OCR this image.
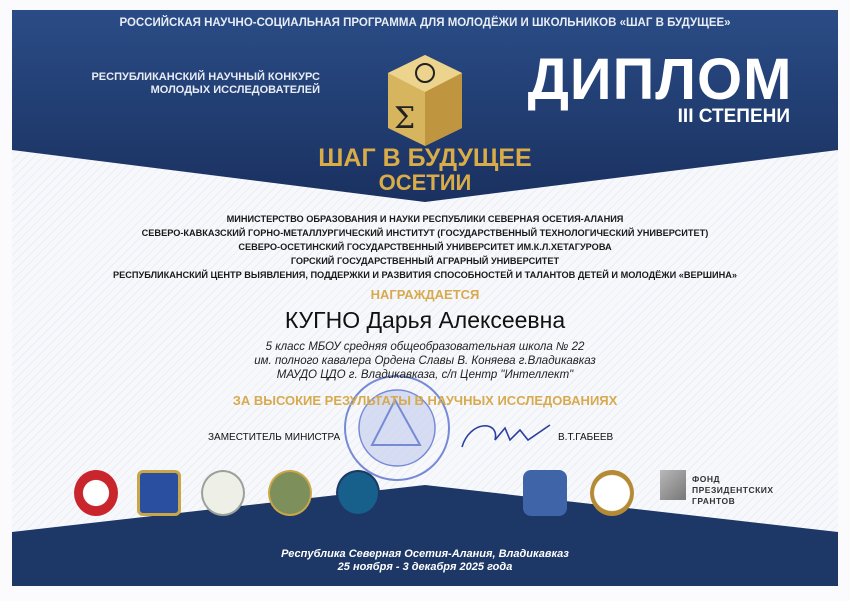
Σ
РОССИЙСКАЯ НАУЧНО-СОЦИАЛЬНАЯ ПРОГРАММА ДЛЯ МОЛОДЁЖИ И ШКОЛЬНИКОВ «ШАГ В БУДУЩЕЕ»
РЕСПУБЛИКАНСКИЙ НАУЧНЫЙ КОНКУРС
МОЛОДЫХ ИССЛЕДОВАТЕЛЕЙ	ДИПЛОМ
III СТЕПЕНИ
ШАГ В БУДУЩЕЕ
ОСЕТИИ
МИНИСТЕРСТВО ОБРАЗОВАНИЯ И НАУКИ РЕСПУБЛИКИ СЕВЕРНАЯ ОСЕТИЯ-АЛАНИЯ
СЕВЕРО-КАВКАЗСКИЙ ГОРНО-МЕТАЛЛУРГИЧЕСКИЙ ИНСТИТУТ (ГОСУДАРСТВЕННЫЙ ТЕХНОЛОГИЧЕСКИЙ УНИВЕРСИТЕТ)
СЕВЕРО-ОСЕТИНСКИЙ ГОСУДАРСТВЕННЫЙ УНИВЕРСИТЕТ ИМ.К.Л.ХЕТАГУРОВА
ГОРСКИЙ ГОСУДАРСТВЕННЫЙ АГРАРНЫЙ УНИВЕРСИТЕТ
РЕСПУБЛИКАНСКИЙ ЦЕНТР ВЫЯВЛЕНИЯ, ПОДДЕРЖКИ И РАЗВИТИЯ СПОСОБНОСТЕЙ И ТАЛАНТОВ ДЕТЕЙ И МОЛОДЁЖИ «ВЕРШИНА»
НАГРАЖДАЕТСЯ
КУГНО Дарья Алексеевна
5 класс МБОУ средняя общеобразовательная школа № 22
им. полного кавалера Ордена Славы В. Коняева г.Владикавказ
МАУДО ЦДО г. Владикавказа, с/п Центр "Интеллект"
ЗА ВЫСОКИЕ РЕЗУЛЬТАТЫ В НАУЧНЫХ ИССЛЕДОВАНИЯХ
ЗАМЕСТИТЕЛЬ МИНИСТРА	В.Т.ГАБЕЕВ
ФОНД
ПРЕЗИДЕНТСКИХ
ГРАНТОВ
Республика Северная Осетия-Алания, Владикавказ
25 ноября - 3 декабря 2025 года
